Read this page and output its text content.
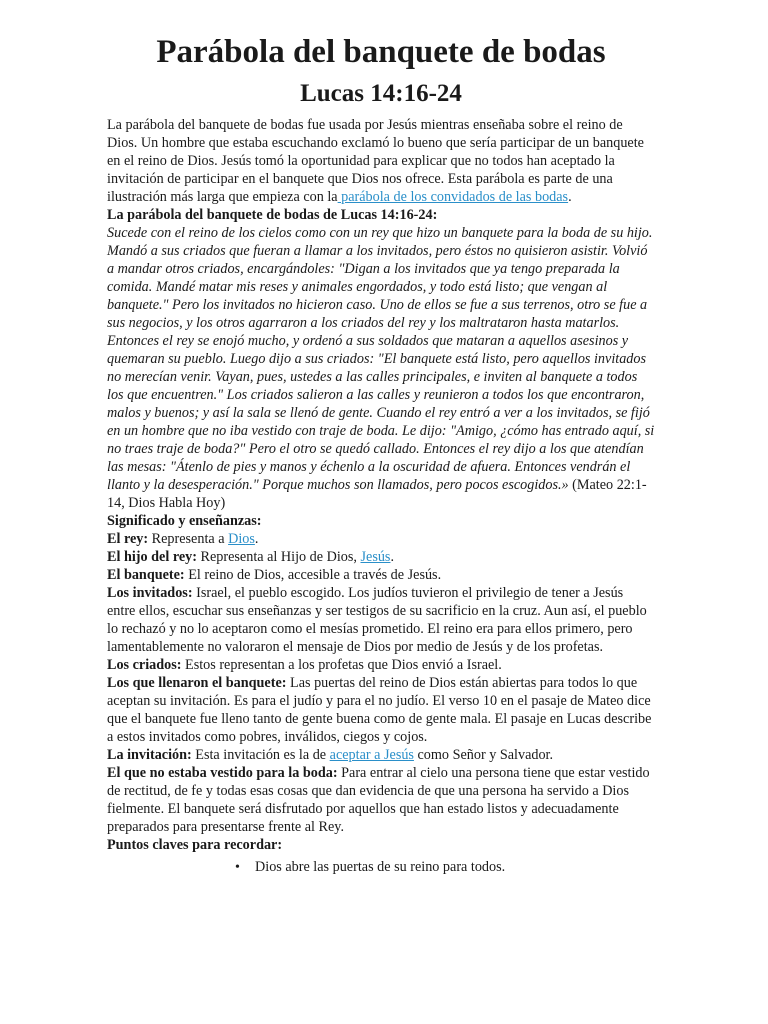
Parábola del banquete de bodas
Lucas 14:16-24

La parábola del banquete de bodas fue usada por Jesús mientras enseñaba sobre el reino de Dios. Un hombre que estaba escuchando exclamó lo bueno que sería participar de un banquete en el reino de Dios. Jesús tomó la oportunidad para explicar que no todos han aceptado la invitación de participar en el banquete que Dios nos ofrece. Esta parábola es parte de una ilustración más larga que empieza con la parábola de los convidados de las bodas.

La parábola del banquete de bodas de Lucas 14:16-24:

Sucede con el reino de los cielos como con un rey que hizo un banquete para la boda de su hijo. Mandó a sus criados que fueran a llamar a los invitados, pero éstos no quisieron asistir. Volvió a mandar otros criados, encargándoles: "Digan a los invitados que ya tengo preparada la comida. Mandé matar mis reses y animales engordados, y todo está listo; que vengan al banquete." Pero los invitados no hicieron caso. Uno de ellos se fue a sus terrenos, otro se fue a sus negocios, y los otros agarraron a los criados del rey y los maltrataron hasta matarlos. Entonces el rey se enojó mucho, y ordenó a sus soldados que mataran a aquellos asesinos y quemaran su pueblo. Luego dijo a sus criados: "El banquete está listo, pero aquellos invitados no merecían venir. Vayan, pues, ustedes a las calles principales, e inviten al banquete a todos los que encuentren." Los criados salieron a las calles y reunieron a todos los que encontraron, malos y buenos; y así la sala se llenó de gente. Cuando el rey entró a ver a los invitados, se fijó en un hombre que no iba vestido con traje de boda. Le dijo: "Amigo, ¿cómo has entrado aquí, si no traes traje de boda?" Pero el otro se quedó callado. Entonces el rey dijo a los que atendían las mesas: "Átenlo de pies y manos y échenlo a la oscuridad de afuera. Entonces vendrán el llanto y la desesperación." Porque muchos son llamados, pero pocos escogidos.» (Mateo 22:1-14, Dios Habla Hoy)

Significado y enseñanzas:

El rey: Representa a Dios.

El hijo del rey: Representa al Hijo de Dios, Jesús.

El banquete: El reino de Dios, accesible a través de Jesús.

Los invitados: Israel, el pueblo escogido. Los judíos tuvieron el privilegio de tener a Jesús entre ellos, escuchar sus enseñanzas y ser testigos de su sacrificio en la cruz. Aun así, el pueblo lo rechazó y no lo aceptaron como el mesías prometido. El reino era para ellos primero, pero lamentablemente no valoraron el mensaje de Dios por medio de Jesús y de los profetas.

Los criados: Estos representan a los profetas que Dios envió a Israel.

Los que llenaron el banquete: Las puertas del reino de Dios están abiertas para todos lo que aceptan su invitación. Es para el judío y para el no judío. El verso 10 en el pasaje de Mateo dice que el banquete fue lleno tanto de gente buena como de gente mala. El pasaje en Lucas describe a estos invitados como pobres, inválidos, ciegos y cojos.

La invitación: Esta invitación es la de aceptar a Jesús como Señor y Salvador.

El que no estaba vestido para la boda: Para entrar al cielo una persona tiene que estar vestido de rectitud, de fe y todas esas cosas que dan evidencia de que una persona ha servido a Dios fielmente. El banquete será disfrutado por aquellos que han estado listos y adecuadamente preparados para presentarse frente al Rey.

Puntos claves para recordar:

• Dios abre las puertas de su reino para todos.
